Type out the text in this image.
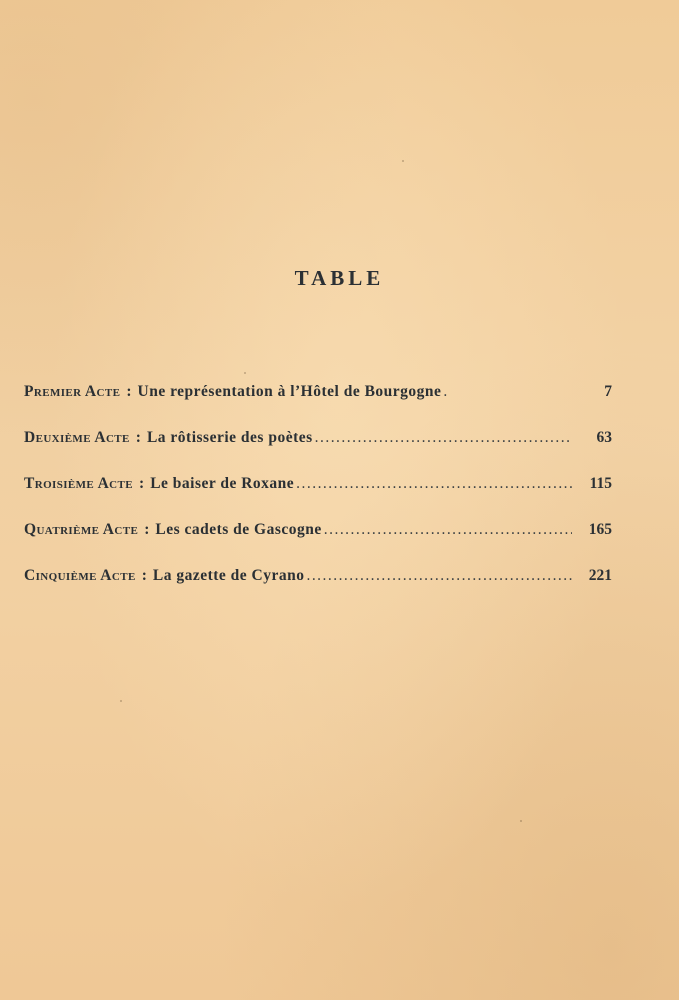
TABLE
Premier Acte : Une représentation à l’Hôtel de Bourgogne .	7
Deuxième Acte : La rôtisserie des poètes . . .	63
Troisième Acte : Le baiser de Roxane . . .	115
Quatrième Acte : Les cadets de Gascogne . . .	165
Cinquième Acte : La gazette de Cyrano . . .	221
